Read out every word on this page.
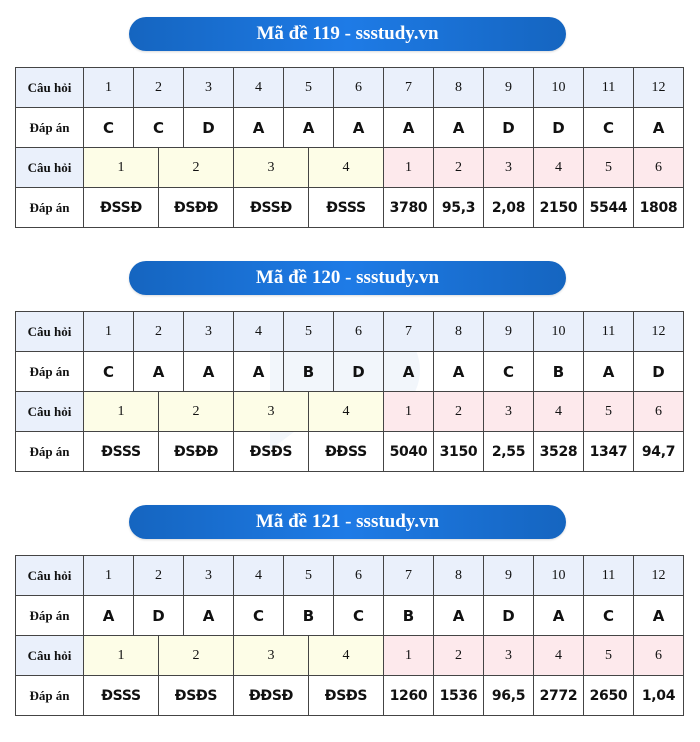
Mã đề 119 - ssstudy.vn
Câu hỏi	1	2		3	4	5		6	7	8	9	10	11	12
Đáp án	C	C		D	A	A		A	A	A	D	D	C	A
Câu hỏi	1		2		3		4		1	2	3	4	5	6
Đáp án	ĐSSĐ		ĐSĐĐ		ĐSSĐ		ĐSSS		3780	95,3	2,08	2150	5544	1808
Mã đề 120 - ssstudy.vn
Câu hỏi	1	2		3	4	5		6	7	8	9	10	11	12
Đáp án	C	A		A	A	B		D	A	A	C	B	A	D
Câu hỏi	1		2		3		4		1	2	3	4	5	6
Đáp án	ĐSSS		ĐSĐĐ		ĐSĐS		ĐĐSS		5040	3150	2,55	3528	1347	94,7
Mã đề 121 - ssstudy.vn
Câu hỏi	1	2		3	4	5		6	7	8	9	10	11	12
Đáp án	A	D		A	C	B		C	B	A	D	A	C	A
Câu hỏi	1		2		3		4		1	2	3	4	5	6
Đáp án	ĐSSS		ĐSĐS		ĐĐSĐ		ĐSĐS		1260	1536	96,5	2772	2650	1,04
